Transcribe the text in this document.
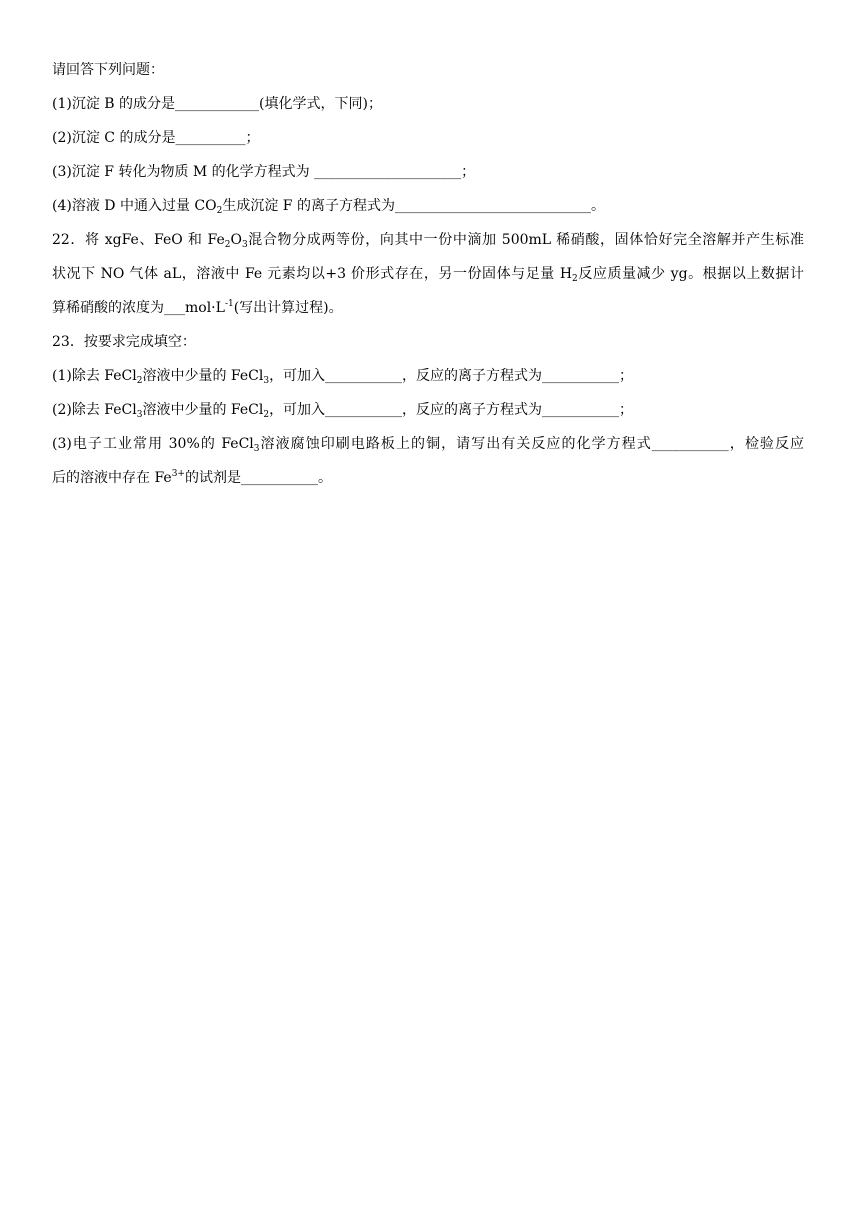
请回答下列问题：
(1)沉淀 B 的成分是____________(填化学式，下同)；
(2)沉淀 C 的成分是__________；
(3)沉淀 F 转化为物质 M 的化学方程式为 _____________________；
(4)溶液 D 中通入过量 $CO_2$生成沉淀 F 的离子方程式为____________________________。
22．将 xgFe、FeO 和 $Fe_2O_3$混合物分成两等份，向其中一份中滴加 500mL 稀硝酸，固体恰好完全溶解并产生标准
状况下 NO 气体 aL，溶液中 Fe 元素均以+3 价形式存在，另一份固体与足量 $H_2$反应质量减少 yg。根据以上数据计
算稀硝酸的浓度为$\_\_\_mol\cdot L^{-1}$(写出计算过程)。
23．按要求完成填空：
(1)除去 FeCl$_2$溶液中少量的 FeCl$_3$，可加入___________，反应的离子方程式为___________；
(2)除去 FeCl$_3$溶液中少量的 FeCl$_2$，可加入___________，反应的离子方程式为___________；
(3)电子工业常用 30%的 FeCl$_3$溶液腐蚀印刷电路板上的铜，请写出有关反应的化学方程式___________，检验反应
后的溶液中存在 $Fe^{3+}$的试剂是___________。
